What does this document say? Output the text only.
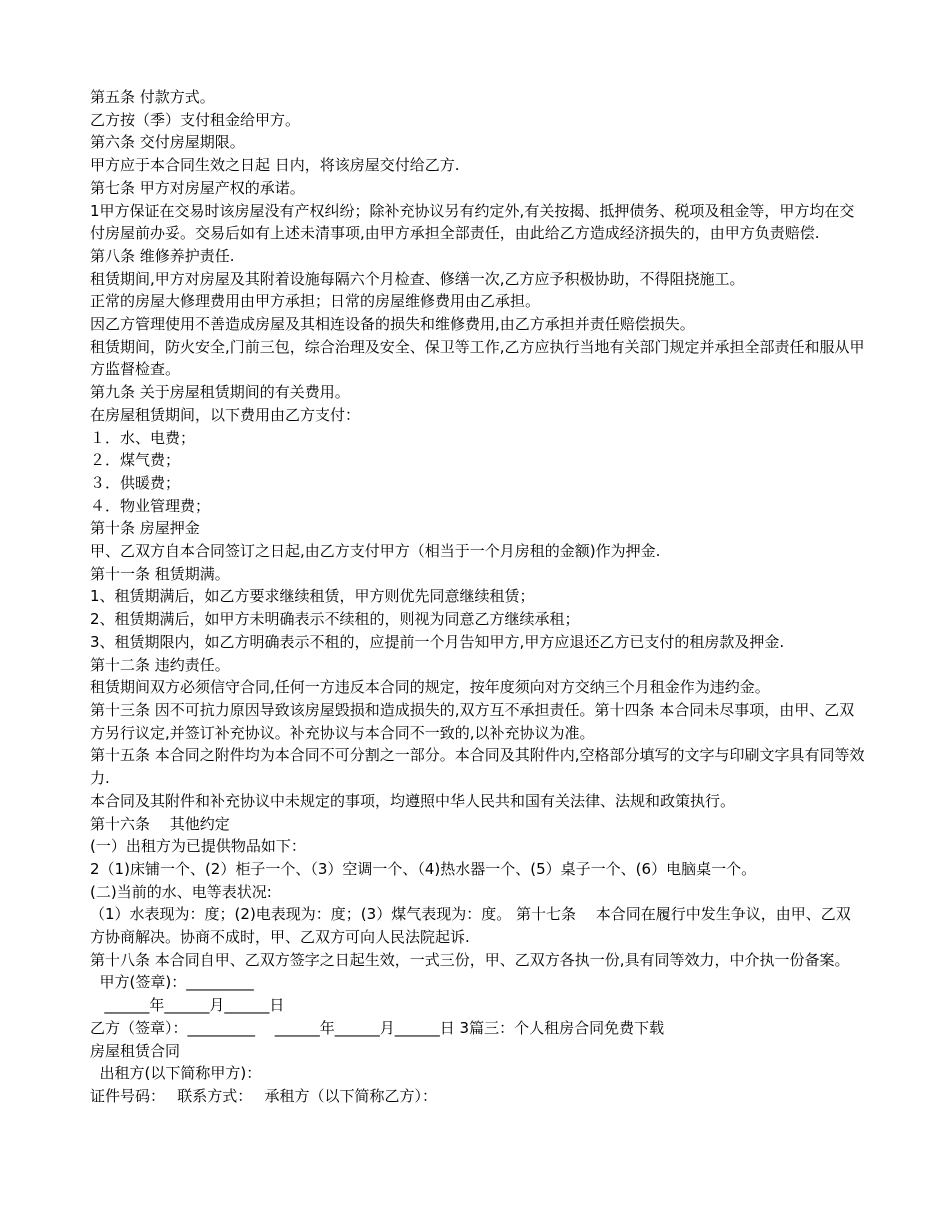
第五条 付款方式。

乙方按（季）支付租金给甲方。

第六条 交付房屋期限。

甲方应于本合同生效之日起 日内，将该房屋交付给乙方.

第七条 甲方对房屋产权的承诺。

1甲方保证在交易时该房屋没有产权纠纷；除补充协议另有约定外,有关按揭、抵押债务、税项及租金等，甲方均在交付房屋前办妥。交易后如有上述未清事项,由甲方承担全部责任，由此给乙方造成经济损失的，由甲方负责赔偿.

第八条 维修养护责任.

租赁期间,甲方对房屋及其附着设施每隔六个月检查、修缮一次,乙方应予积极协助，不得阻挠施工。

正常的房屋大修理费用由甲方承担；日常的房屋维修费用由乙承担。

因乙方管理使用不善造成房屋及其相连设备的损失和维修费用,由乙方承担并责任赔偿损失。

租赁期间，防火安全,门前三包，综合治理及安全、保卫等工作,乙方应执行当地有关部门规定并承担全部责任和服从甲方监督检查。

第九条 关于房屋租赁期间的有关费用。

在房屋租赁期间，以下费用由乙方支付：

１．水、电费；

２．煤气费；

３．供暖费；

４．物业管理费；

第十条 房屋押金

甲、乙双方自本合同签订之日起,由乙方支付甲方（相当于一个月房租的金额)作为押金.

第十一条 租赁期满。

1、租赁期满后，如乙方要求继续租赁，甲方则优先同意继续租赁；

2、租赁期满后，如甲方未明确表示不续租的，则视为同意乙方继续承租；

3、租赁期限内，如乙方明确表示不租的，应提前一个月告知甲方,甲方应退还乙方已支付的租房款及押金.

第十二条 违约责任。

租赁期间双方必须信守合同,任何一方违反本合同的规定，按年度须向对方交纳三个月租金作为违约金。

第十三条 因不可抗力原因导致该房屋毁损和造成损失的,双方互不承担责任。第十四条 本合同未尽事项，由甲、乙双方另行议定,并签订补充协议。补充协议与本合同不一致的,以补充协议为准。

第十五条 本合同之附件均为本合同不可分割之一部分。本合同及其附件内,空格部分填写的文字与印刷文字具有同等效力.

本合同及其附件和补充协议中未规定的事项，均遵照中华人民共和国有关法律、法规和政策执行。

第十六条　 其他约定

(一）出租方为已提供物品如下：

2（1)床铺一个、(2）柜子一个、（3）空调一个、（4)热水器一个、(5）桌子一个、(6）电脑桌一个。

(二)当前的水、电等表状况:

（1）水表现为：度；(2)电表现为：度；(3）煤气表现为：度。 第十七条　 本合同在履行中发生争议，由甲、乙双方协商解决。协商不成时，甲、乙双方可向人民法院起诉.

第十八条 本合同自甲、乙双方签字之日起生效，一式三份，甲、乙双方各执一份,具有同等效力，中介执一份备案。

甲方(签章)：_________

______年______月______日

乙方（签章）：_________　 ______年______月______日 3篇三：个人租房合同免费下载

房屋租赁合同

出租方(以下简称甲方)：

证件号码：　 联系方式：　 承租方（以下简称乙方）：
